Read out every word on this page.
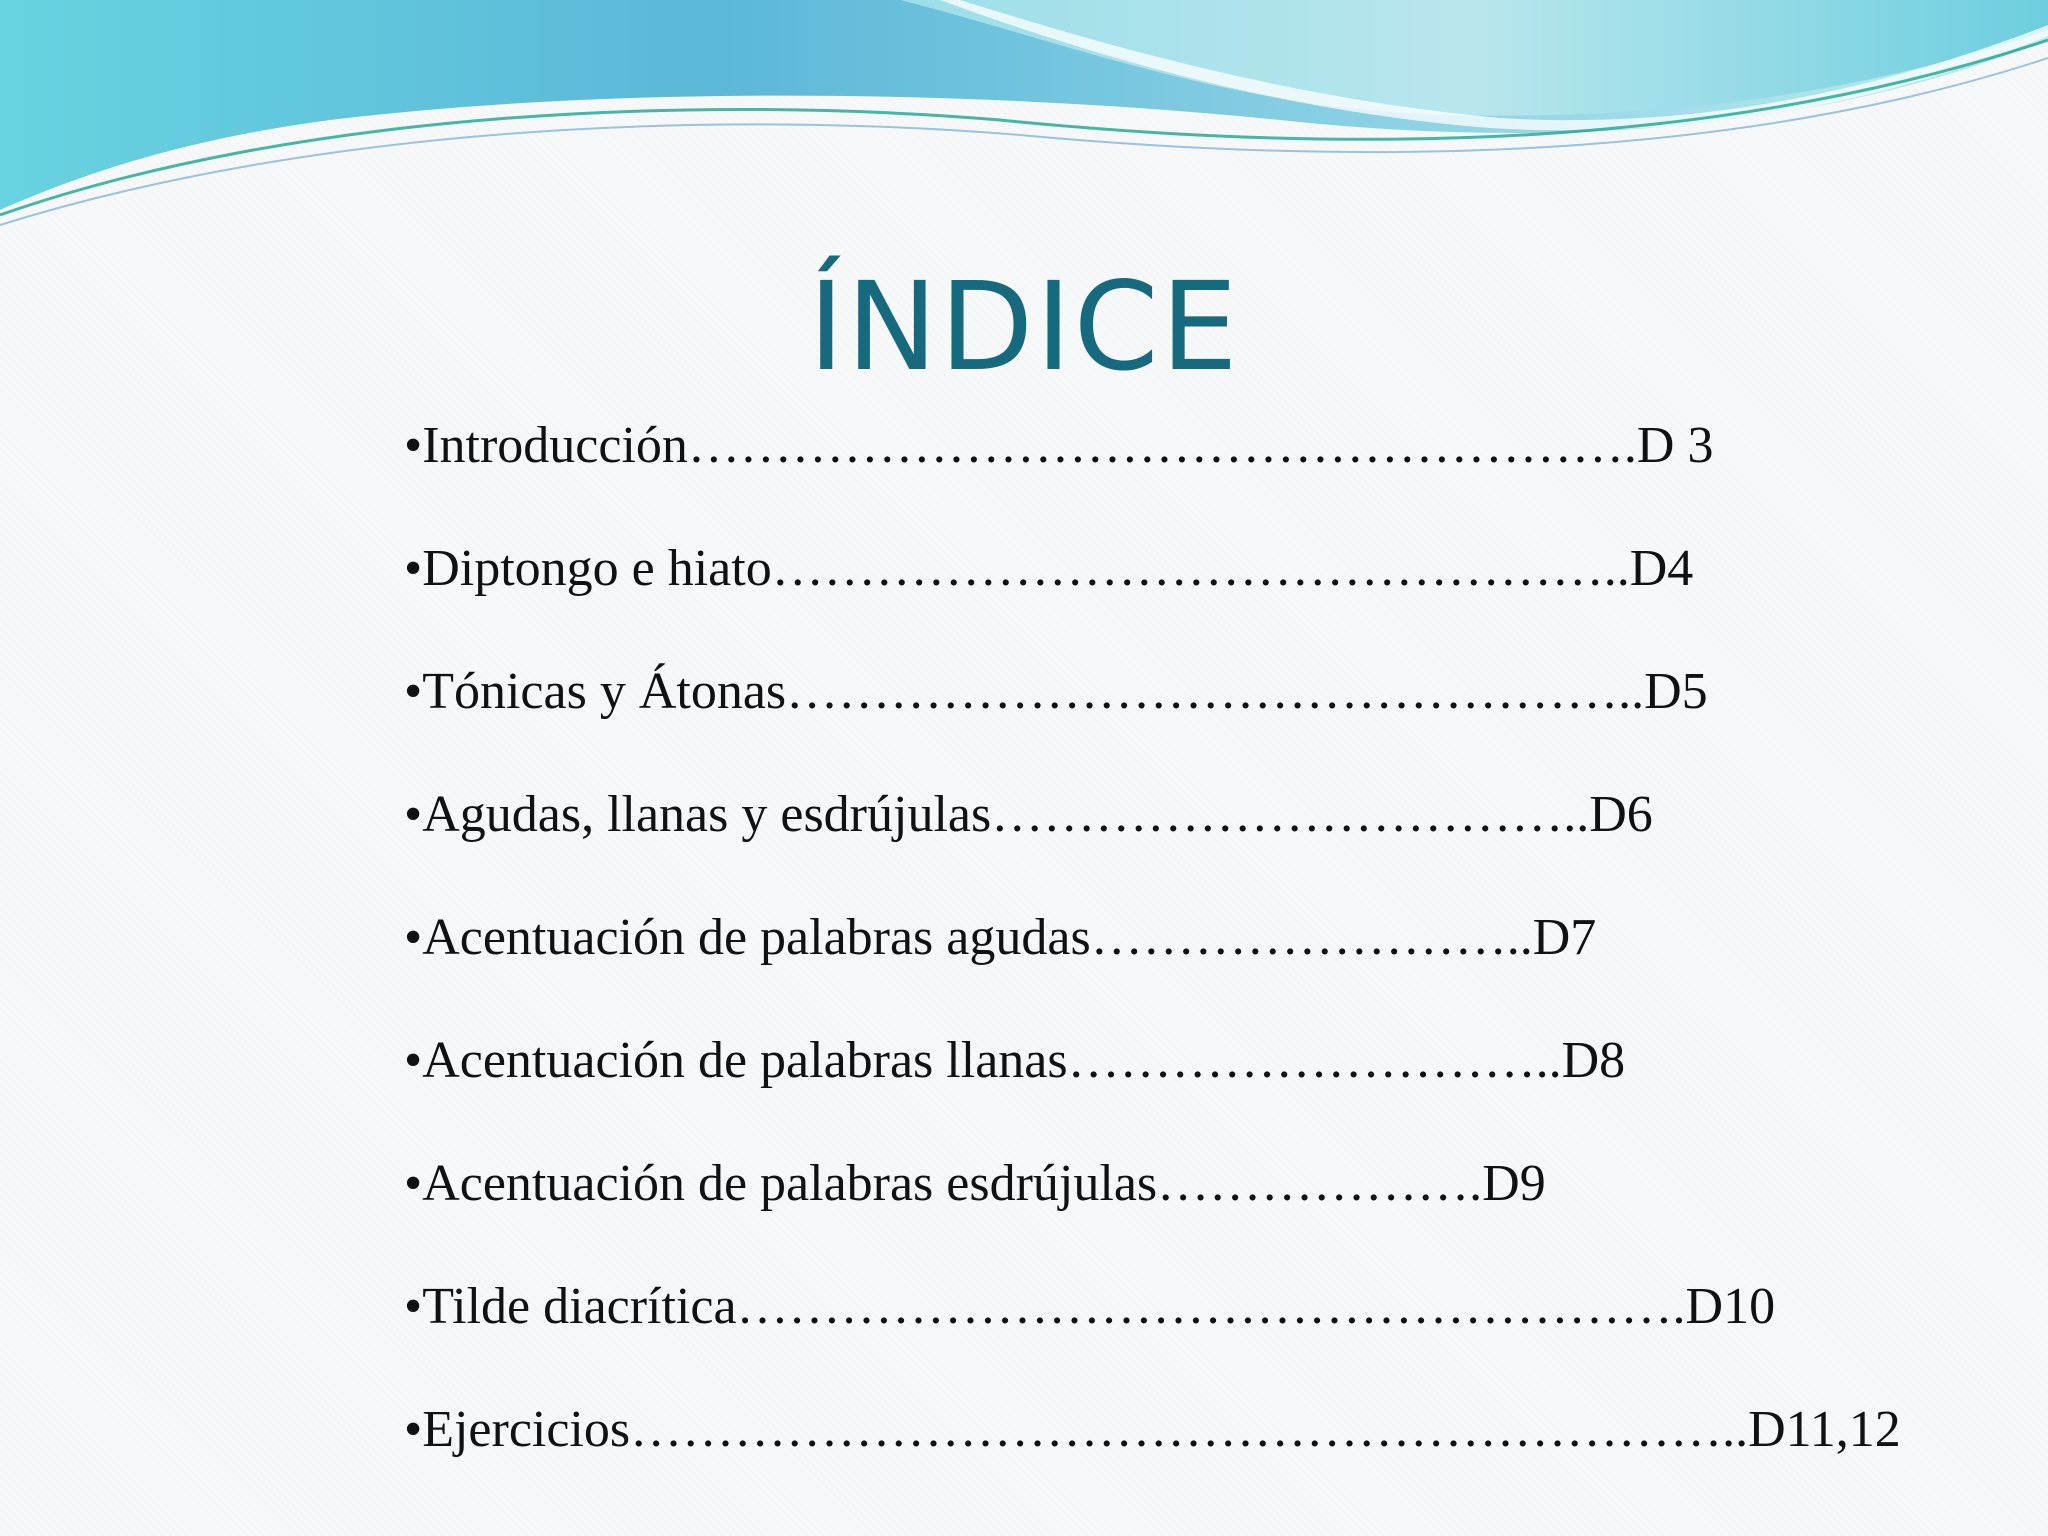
ÍNDICE
•Introducción……………………………………………….D 3
•Diptongo e hiato…………………………………………..D4
•Tónicas y Átonas…………………………………………..D5
•Agudas, llanas y esdrújulas……………………………..D6
•Acentuación de palabras agudas……………………..D7
•Acentuación de palabras llanas………………………..D8
•Acentuación de palabras esdrújulas……………….D9
•Tilde diacrítica……………………………………………….D10
•Ejercicios………………………………………………………..D11,12
